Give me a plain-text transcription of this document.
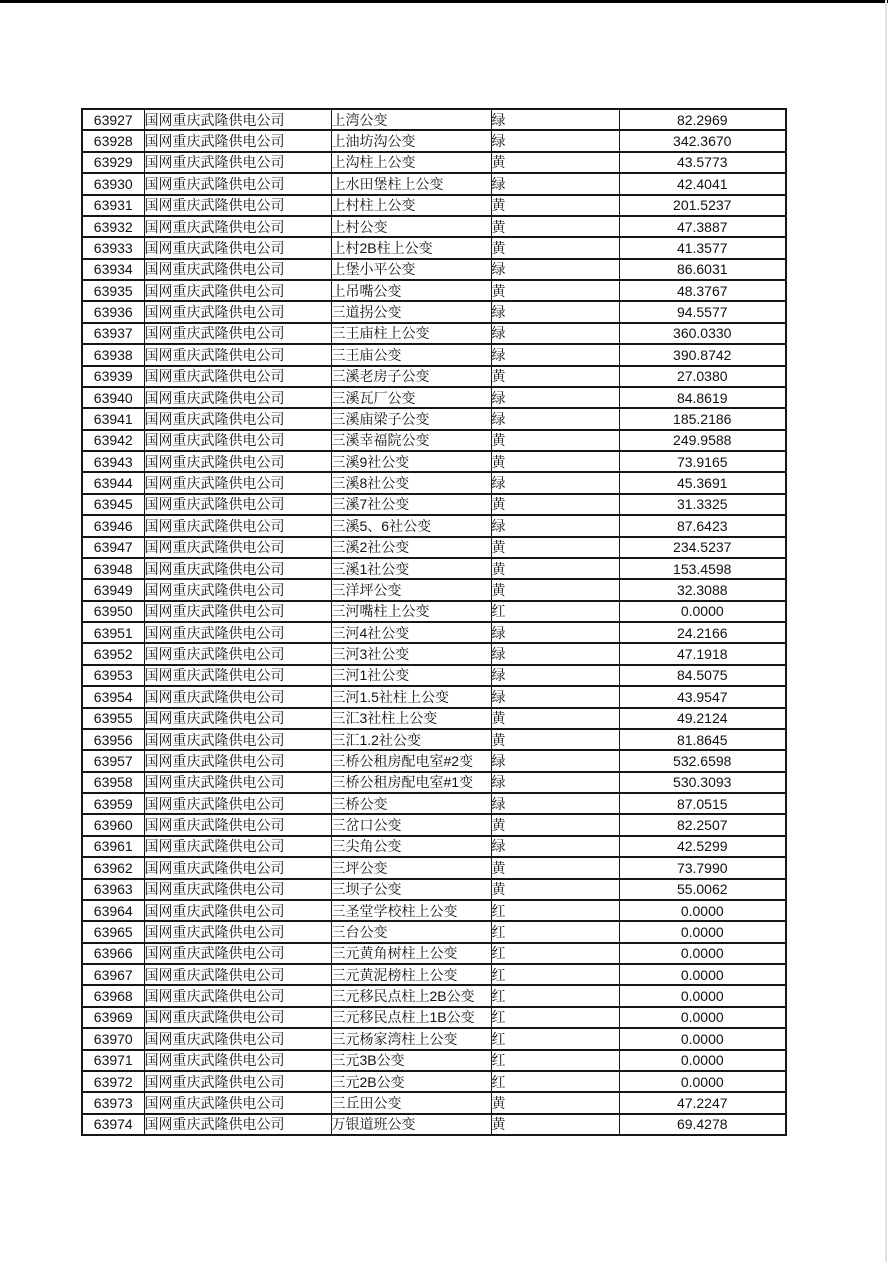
63927	国网重庆武隆供电公司	上湾公变	绿	82.2969
63928	国网重庆武隆供电公司	上油坊沟公变	绿	342.3670
63929	国网重庆武隆供电公司	上沟柱上公变	黄	43.5773
63930	国网重庆武隆供电公司	上水田堡柱上公变	绿	42.4041
63931	国网重庆武隆供电公司	上村柱上公变	黄	201.5237
63932	国网重庆武隆供电公司	上村公变	黄	47.3887
63933	国网重庆武隆供电公司	上村2B柱上公变	黄	41.3577
63934	国网重庆武隆供电公司	上堡小平公变	绿	86.6031
63935	国网重庆武隆供电公司	上吊嘴公变	黄	48.3767
63936	国网重庆武隆供电公司	三道拐公变	绿	94.5577
63937	国网重庆武隆供电公司	三王庙柱上公变	绿	360.0330
63938	国网重庆武隆供电公司	三王庙公变	绿	390.8742
63939	国网重庆武隆供电公司	三溪老房子公变	黄	27.0380
63940	国网重庆武隆供电公司	三溪瓦厂公变	绿	84.8619
63941	国网重庆武隆供电公司	三溪庙梁子公变	绿	185.2186
63942	国网重庆武隆供电公司	三溪幸福院公变	黄	249.9588
63943	国网重庆武隆供电公司	三溪9社公变	黄	73.9165
63944	国网重庆武隆供电公司	三溪8社公变	绿	45.3691
63945	国网重庆武隆供电公司	三溪7社公变	黄	31.3325
63946	国网重庆武隆供电公司	三溪5、6社公变	绿	87.6423
63947	国网重庆武隆供电公司	三溪2社公变	黄	234.5237
63948	国网重庆武隆供电公司	三溪1社公变	黄	153.4598
63949	国网重庆武隆供电公司	三洋坪公变	黄	32.3088
63950	国网重庆武隆供电公司	三河嘴柱上公变	红	0.0000
63951	国网重庆武隆供电公司	三河4社公变	绿	24.2166
63952	国网重庆武隆供电公司	三河3社公变	绿	47.1918
63953	国网重庆武隆供电公司	三河1社公变	绿	84.5075
63954	国网重庆武隆供电公司	三河1.5社柱上公变	绿	43.9547
63955	国网重庆武隆供电公司	三汇3社柱上公变	黄	49.2124
63956	国网重庆武隆供电公司	三汇1.2社公变	黄	81.8645
63957	国网重庆武隆供电公司	三桥公租房配电室#2变	绿	532.6598
63958	国网重庆武隆供电公司	三桥公租房配电室#1变	绿	530.3093
63959	国网重庆武隆供电公司	三桥公变	绿	87.0515
63960	国网重庆武隆供电公司	三岔口公变	黄	82.2507
63961	国网重庆武隆供电公司	三尖角公变	绿	42.5299
63962	国网重庆武隆供电公司	三坪公变	黄	73.7990
63963	国网重庆武隆供电公司	三坝子公变	黄	55.0062
63964	国网重庆武隆供电公司	三圣堂学校柱上公变	红	0.0000
63965	国网重庆武隆供电公司	三台公变	红	0.0000
63966	国网重庆武隆供电公司	三元黄角树柱上公变	红	0.0000
63967	国网重庆武隆供电公司	三元黄泥榜柱上公变	红	0.0000
63968	国网重庆武隆供电公司	三元移民点柱上2B公变	红	0.0000
63969	国网重庆武隆供电公司	三元移民点柱上1B公变	红	0.0000
63970	国网重庆武隆供电公司	三元杨家湾柱上公变	红	0.0000
63971	国网重庆武隆供电公司	三元3B公变	红	0.0000
63972	国网重庆武隆供电公司	三元2B公变	红	0.0000
63973	国网重庆武隆供电公司	三丘田公变	黄	47.2247
63974	国网重庆武隆供电公司	万银道班公变	黄	69.4278
